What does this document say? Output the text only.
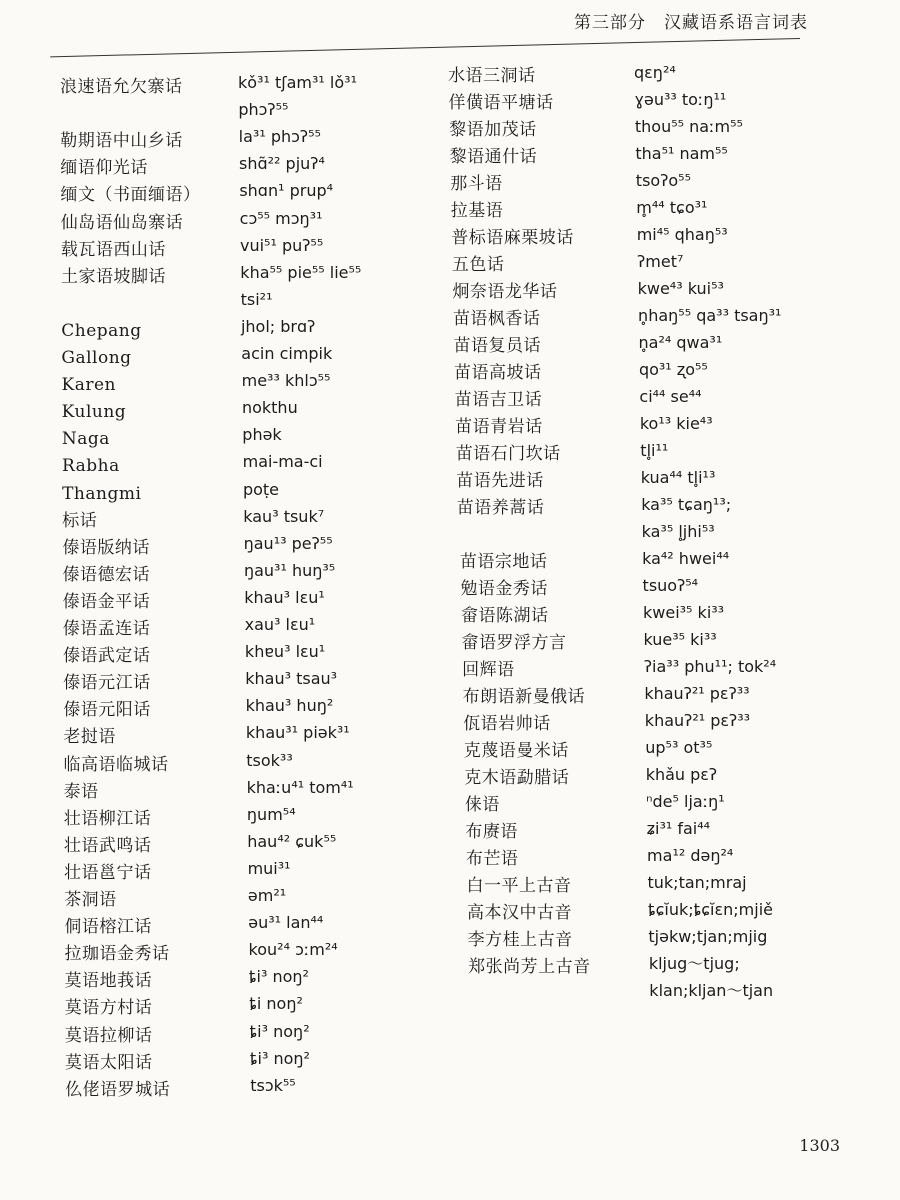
第三部分 汉藏语系语言词表
浪速语允欠寨话
勒期语中山乡话
缅语仰光话
缅文（书面缅语）
仙岛语仙岛寨话
载瓦语西山话
土家语坡脚话
Chepang
Gallong
Karen
Kulung
Naga
Rabha
Thangmi
标话
傣语版纳话
傣语德宏话
傣语金平话
傣语孟连话
傣语武定话
傣语元江话
傣语元阳话
老挝语
临高语临城话
泰语
壮语柳江话
壮语武鸣话
壮语邕宁话
茶洞语
侗语榕江话
拉珈语金秀话
莫语地莪话
莫语方村话
莫语拉柳话
莫语太阳话
仫佬语罗城话
kǒ³¹ tʃam³¹ lǒ³¹
phɔʔ⁵⁵
la³¹ phɔʔ⁵⁵
shɑ̃²² pjuʔ⁴
shɑn¹ prup⁴
cɔ⁵⁵ mɔŋ³¹
vui⁵¹ puʔ⁵⁵
kha⁵⁵ pie⁵⁵ lie⁵⁵
tsi²¹
jhol; brɑʔ
acin cimpik
me³³ khlɔ⁵⁵
nokthu
phək
mai-ma-ci
poṭe
kau³ tsuk⁷
ŋau¹³ peʔ⁵⁵
ŋau³¹ huŋ³⁵
khau³ lɛu¹
xau³ lɛu¹
khɐu³ lɛu¹
khau³ tsau³
khau³ huŋ²
khau³¹ piək³¹
tsok³³
khaːu⁴¹ tom⁴¹
ŋum⁵⁴
hau⁴² ɕuk⁵⁵
mui³¹
əm²¹
əu³¹ lan⁴⁴
kou²⁴ ɔːm²⁴
ȶi³ noŋ²
ȶi noŋ²
ȶi³ noŋ²
ȶi³ noŋ²
tsɔk⁵⁵
水语三洞话
佯僙语平塘话
黎语加茂话
黎语通什话
那斗语
拉基语
普标语麻栗坡话
五色话
炯奈语龙华话
苗语枫香话
苗语复员话
苗语高坡话
苗语吉卫话
苗语青岩话
苗语石门坎话
苗语先进话
苗语养蒿话
苗语宗地话
勉语金秀话
畲语陈湖话
畲语罗浮方言
回辉语
布朗语新曼俄话
佤语岩帅话
克蔑语曼米话
克木语勐腊话
俫语
布赓语
布芒语
白一平上古音
高本汉中古音
李方桂上古音
郑张尚芳上古音
qɛŋ²⁴
ɣəu³³ toːŋ¹¹
thou⁵⁵ naːm⁵⁵
tha⁵¹ nam⁵⁵
tsoʔo⁵⁵
m̥⁴⁴ tɕo³¹
mi⁴⁵ qhaŋ⁵³
ʔmet⁷
kwe⁴³ kui⁵³
n̥haŋ⁵⁵ qa³³ tsaŋ³¹
n̥a²⁴ qwa³¹
qo³¹ ʐo⁵⁵
ci⁴⁴ se⁴⁴
ko¹³ kie⁴³
tl̥i¹¹
kua⁴⁴ tl̥i¹³
ka³⁵ tɕaŋ¹³;
ka³⁵ l̥jhi⁵³
ka⁴² hwei⁴⁴
tsuoʔ⁵⁴
kwei³⁵ ki³³
kue³⁵ ki³³
ʔia³³ phu¹¹; tok²⁴
khauʔ²¹ pɛʔ³³
khauʔ²¹ pɛʔ³³
up⁵³ ot³⁵
khǎu pɛʔ
ⁿde⁵ ljaːŋ¹
ʑi³¹ fai⁴⁴
ma¹² dəŋ²⁴
tuk;tan;mraj
ȶɕĭuk;ȶɕĭɛn;mjiě
tjəkw;tjan;mjig
kljug～tjug;
klan;kljan～tjan
1303
